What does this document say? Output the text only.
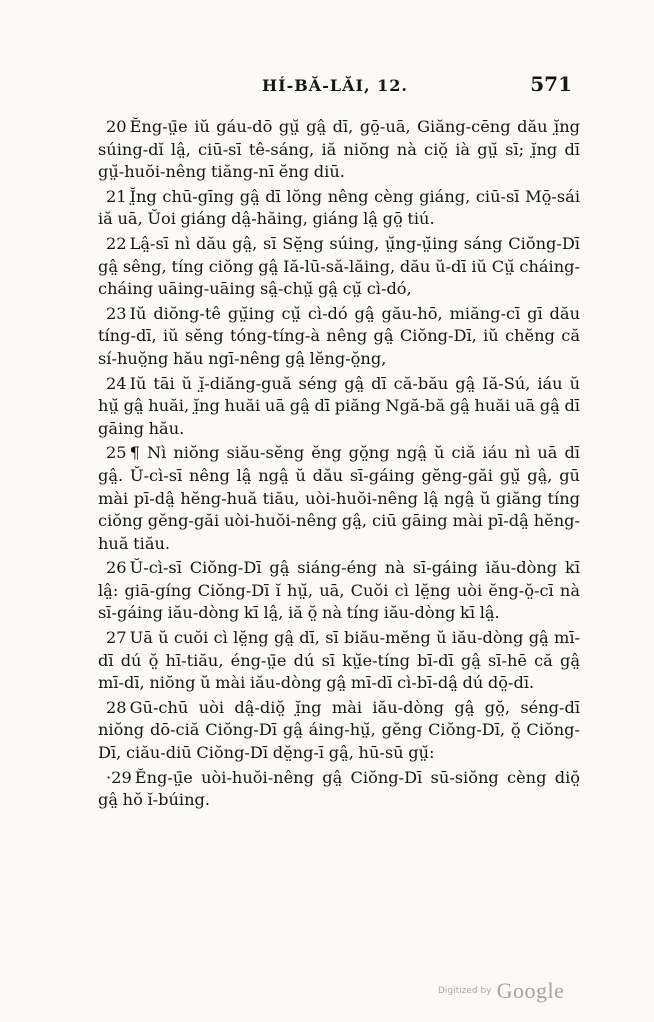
HÍ-BĂ-LĂI, 12.	571

20 Ĕng-ṳ̄e iŭ gáu-dō gṳ̆ gâ̤ dī, gō̤-uā, Giăng-cēng dău ĭ̤ng súing-dĭ lâ̤, ciū-sī tê-sáng, iă niŏng nà ciŏ̤ ià gṳ̆ sī; ĭ̤ng dī gṳ̆-huŏi-nêng tiăng-nī ĕng diū.

21 Ĭ̤ng chū-gīng gâ̤ dī lŏng nêng cèng giáng, ciū-sī Mō̤-sái iă uā, Ŭoi giáng dâ̤-hăing, giáng lâ̤ gō̤ tiú.

22 Lâ̤-sī nì dău gâ̤, sī Sĕ̤ng súing, ṳ̆ng-ṳ̆ing sáng Ciŏng-Dī gâ̤ sêng, tíng ciŏng gâ̤ Iă-lū-să-lăing, dău ŭ-dī iŭ Cṳ̆ cháing-cháing uāing-uāing sâ̤-chṳ̆ gâ̤ cṳ̆ cì-dó,

23 Iŭ diŏng-tê gṳ̆ing cṳ̆ cì-dó gâ̤ gău-hō, miăng-cī gī dău tíng-dī, iŭ sĕng tóng-tíng-à nêng gâ̤ Ciŏng-Dī, iŭ chĕng că sí-huŏ̤ng hău ngī-nêng gâ̤ lĕng-ŏ̤ng,

24 Iŭ tāi ŭ ĭ̤-diăng-guă séng gâ̤ dī că-bău gâ̤ Iă-Sú, iáu ŭ hṳ̆ gâ̤ huăi, ĭ̤ng huăi uā gâ̤ dī piăng Ngă-bă gâ̤ huăi uā gâ̤ dī gāing hău.

25 ¶ Nì niŏng siău-sĕng ĕng gŏ̤ng ngâ̤ ŭ ciă iáu nì uā dī gâ̤. Ŭ-cì-sī nêng lâ̤ ngâ̤ ŭ dău sī-gáing gĕng-găi gṳ̆ gâ̤, gū mài pī-dâ̤ hĕng-huă tiău, uòi-huŏi-nêng lâ̤ ngâ̤ ŭ giăng tíng ciŏng gĕng-găi uòi-huŏi-nêng gâ̤, ciū gāing mài pī-dâ̤ hĕng-huă tiău.

26 Ŭ-cì-sī Ciŏng-Dī gâ̤ siáng-éng nà sī-gáing iău-dòng kī lâ̤: giā-gíng Ciŏng-Dī ĭ hṳ̆, uā, Cuŏi cì lĕ̤ng uòi ĕng-ŏ̤-cī nà sī-gáing iău-dòng kī lâ̤, iă ŏ̤ nà tíng iău-dòng kī lâ̤.

27 Uā ŭ cuŏi cì lĕ̤ng gâ̤ dī, sī biău-mĕng ŭ iău-dòng gâ̤ mī-dī dú ŏ̤ hī-tiău, éng-ṳ̄e dú sī kṳ̆e-tíng bī-dī gâ̤ sī-hē că gâ̤ mī-dī, niŏng ŭ mài iău-dòng gâ̤ mī-dī cì-bī-dâ̤ dú dō̤-dī.

28 Gū-chū uòi dâ̤-diŏ̤ ĭ̤ng mài iău-dòng gâ̤ gŏ̤, séng-dī niŏng dō-ciă Ciŏng-Dī gâ̤ áing-hṳ̆, gĕng Ciŏng-Dī, ŏ̤ Ciŏng-Dī, ciău-diū Ciŏng-Dī dĕ̤ng-ī gâ̤, hū-sū gṳ̆:

·29 Ĕng-ṳ̄e uòi-huŏi-nêng gâ̤ Ciŏng-Dī sū-siŏng cèng diŏ̤ gâ̤ hŏ ĭ-búing.

Digitized by Google
